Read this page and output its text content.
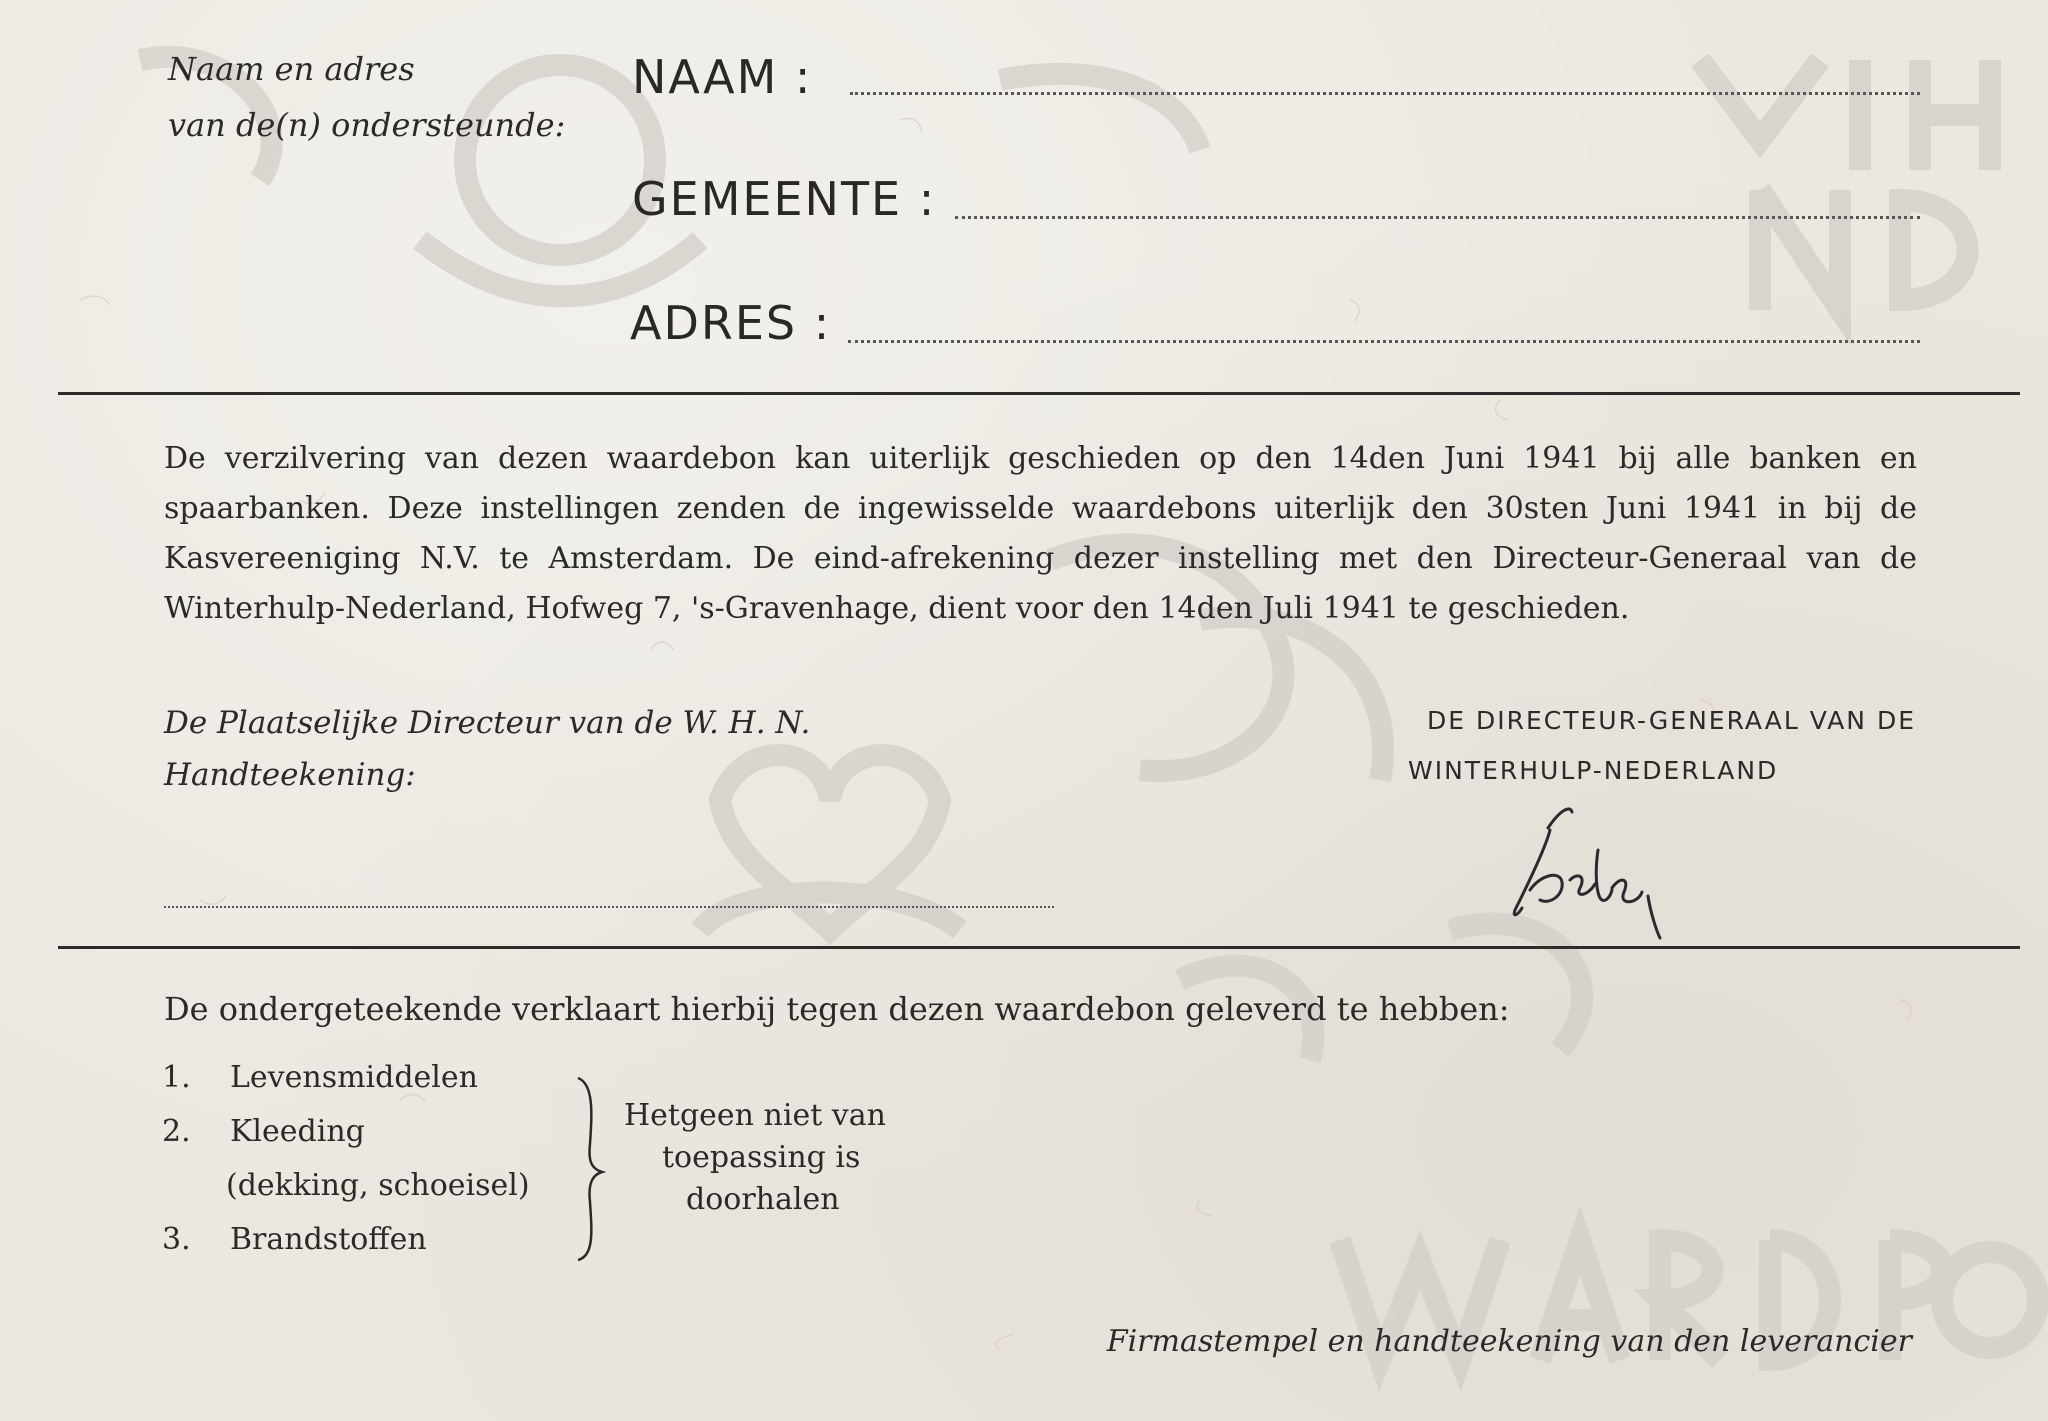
Naam en adres

van de(n) ondersteunde:

NAAM :
GEMEENTE :
ADRES :

De verzilvering van dezen waardebon kan uiterlijk geschieden op den 14den Juni 1941 bij alle banken en spaarbanken. Deze instellingen zenden de ingewisselde waardebons uiterlijk den 30sten Juni 1941 in bij de Kasvereeniging N.V. te Amsterdam. De eind-afrekening dezer instelling met den Directeur-Generaal van de Winterhulp-Nederland, Hofweg 7, 's-Gravenhage, dient voor den 14den Juli 1941 te geschieden.

De Plaatselijke Directeur van de W. H. N.

Handteekening:

DE DIRECTEUR-GENERAAL VAN DE
WINTERHULP-NEDERLAND

De ondergeteekende verklaart hierbij tegen dezen waardebon geleverd te hebben:

1. Levensmiddelen
2. Kleeding
(dekking, schoeisel)
3. Brandstoffen
Hetgeen niet van
toepassing is
doorhalen

Firmastempel en handteekening van den leverancier
